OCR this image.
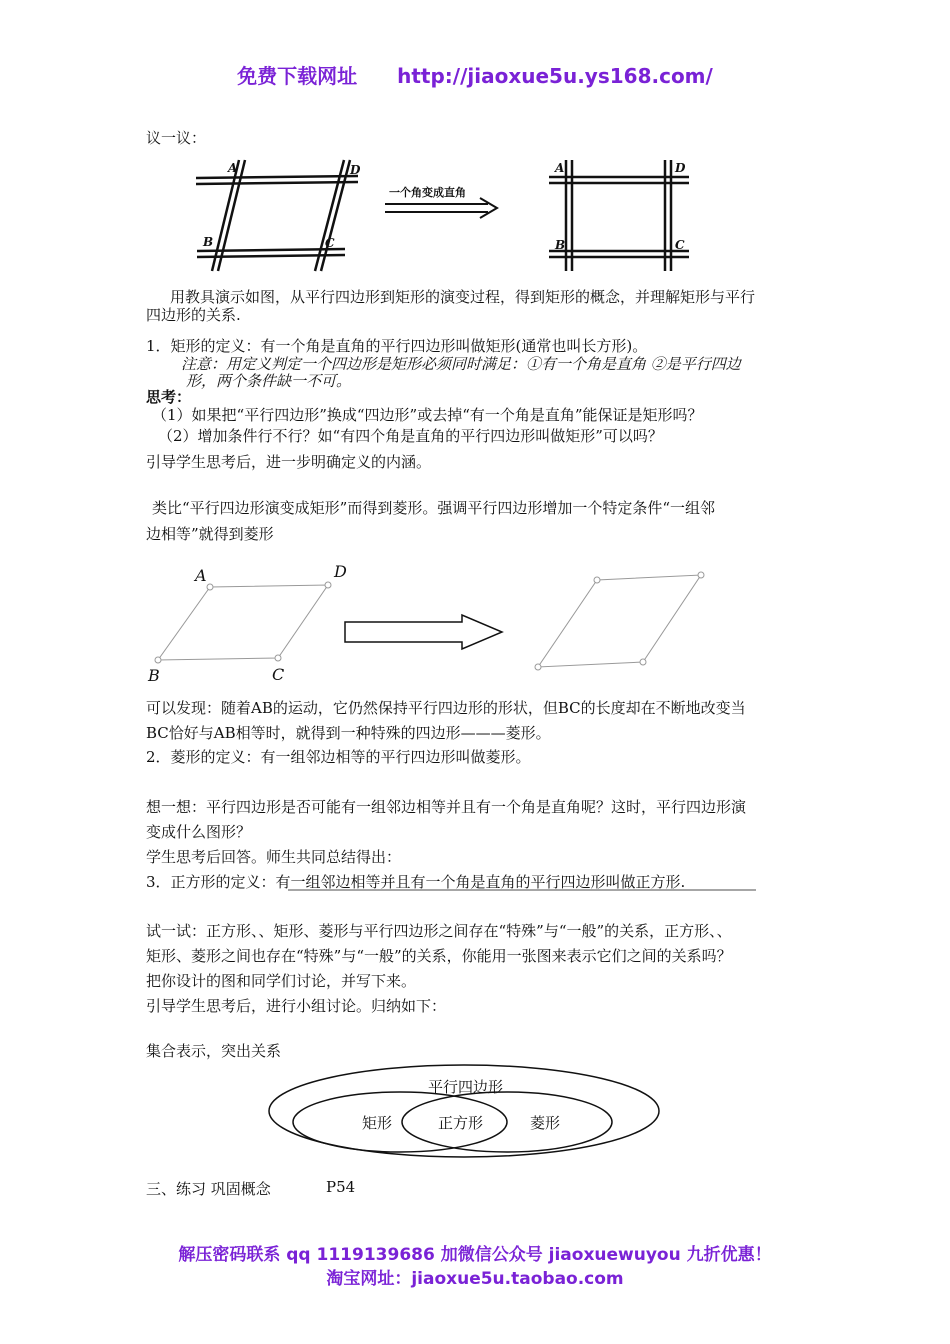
免费下载网址 http://jiaoxue5u.ys168.com/
议一议：
A	D
B	C
一个角变成直角
A	D
B	C
用教具演示如图，从平行四边形到矩形的演变过程，得到矩形的概念，并理解矩形与平行
四边形的关系.
1．矩形的定义：有一个角是直角的平行四边形叫做矩形(通常也叫长方形)。
注意：用定义判定一个四边形是矩形必须同时满足：①有一个角是直角 ②是平行四边
形，两个条件缺一不可。
思考：
（1）如果把“平行四边形”换成“四边形”或去掉“有一个角是直角”能保证是矩形吗？
（2）增加条件行不行？如“有四个角是直角的平行四边形叫做矩形”可以吗？
引导学生思考后，进一步明确定义的内涵。
类比“平行四边形演变成矩形”而得到菱形。强调平行四边形增加一个特定条件“一组邻
边相等”就得到菱形
A	D
B	C
可以发现：随着AB的运动，它仍然保持平行四边形的形状，但BC的长度却在不断地改变当
BC恰好与AB相等时，就得到一种特殊的四边形———菱形。
2．菱形的定义：有一组邻边相等的平行四边形叫做菱形。
想一想：平行四边形是否可能有一组邻边相等并且有一个角是直角呢？这时，平行四边形演
变成什么图形？
学生思考后回答。师生共同总结得出：
3．正方形的定义：有一组邻边相等并且有一个角是直角的平行四边形叫做正方形.
试一试：正方形、、矩形、菱形与平行四边形之间存在“特殊”与“一般”的关系，正方形、、
矩形、菱形之间也存在“特殊”与“一般”的关系，你能用一张图来表示它们之间的关系吗？
把你设计的图和同学们讨论，并写下来。
引导学生思考后，进行小组讨论。归纳如下：
集合表示，突出关系
平行四边形
矩形	正方形	菱形
三、练习 巩固概念	P54
解压密码联系 qq 1119139686 加微信公众号 jiaoxuewuyou 九折优惠！
淘宝网址：jiaoxue5u.taobao.com
